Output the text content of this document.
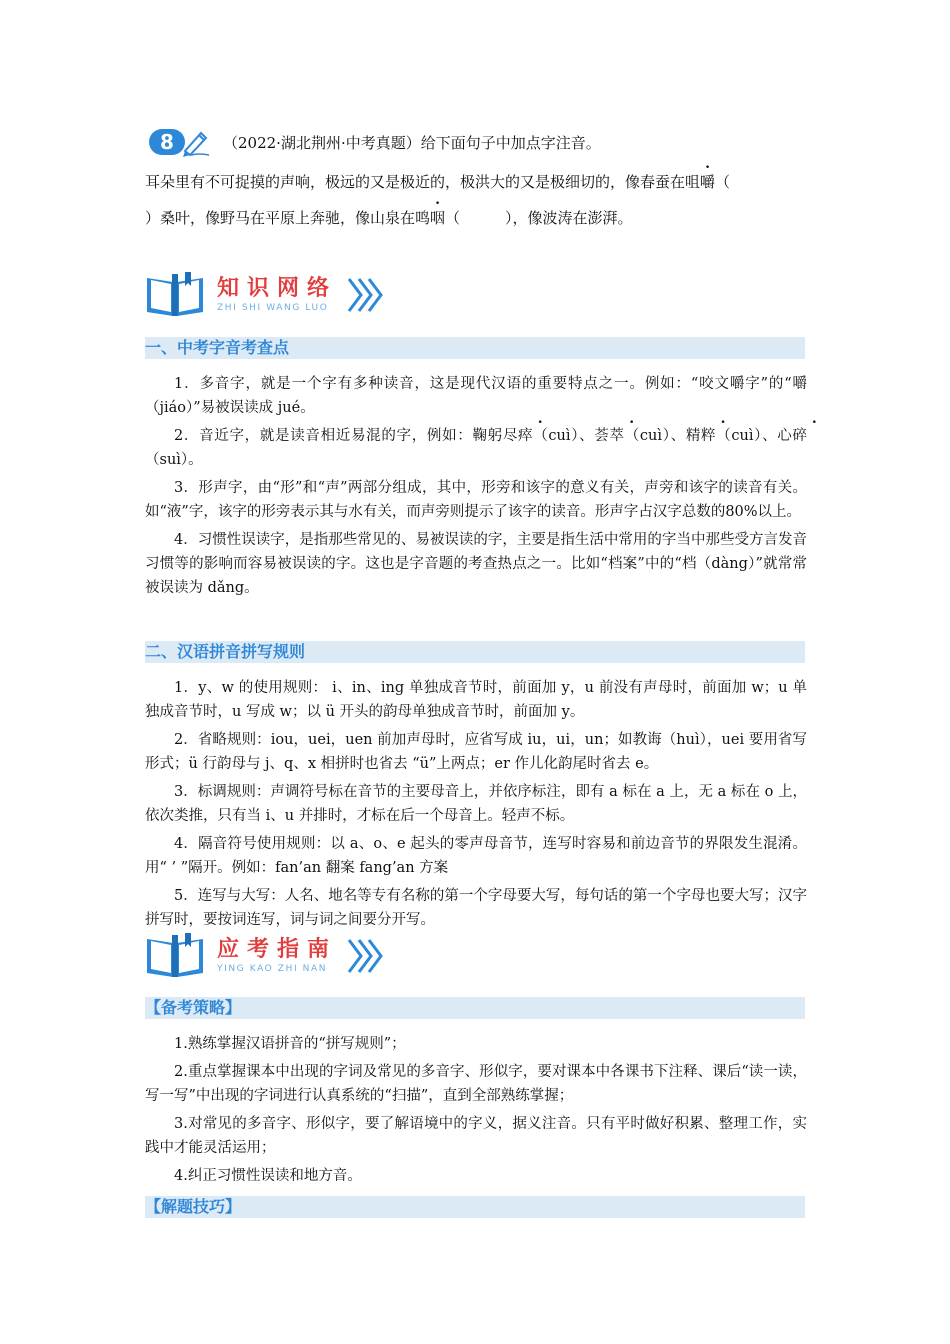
8	（2022·湖北荆州·中考真题）给下面句子中加点字注音。
耳朵里有不可捉摸的声响，极远的又是极近的，极洪大的又是极细切的，像春蚕在咀嚼（
）桑叶，像野马在平原上奔驰，像山泉在鸣咽（　　　），像波涛在澎湃。
知识网络
ZHI SHI WANG LUO
一、中考字音考查点

1．多音字，就是一个字有多种读音，这是现代汉语的重要特点之一。例如：“咬文嚼字”的“嚼（jiáo）”易被误读成 jué。

2．音近字，就是读音相近易混的字，例如：鞠躬尽瘁（cuì）、荟萃（cuì）、精粹（cuì）、心碎（suì）。

3．形声字，由“形”和“声”两部分组成，其中，形旁和该字的意义有关，声旁和该字的读音有关。如“液”字，该字的形旁表示其与水有关，而声旁则提示了该字的读音。形声字占汉字总数的80%以上。

4．习惯性误读字，是指那些常见的、易被误读的字，主要是指生活中常用的字当中那些受方言发音习惯等的影响而容易被误读的字。这也是字音题的考查热点之一。比如“档案”中的“档（dàng）”就常常被误读为 dǎng。

二、汉语拼音拼写规则

1．y、w 的使用规则： i、in、ing 单独成音节时，前面加 y，u 前没有声母时，前面加 w；u 单独成音节时，u 写成 w；以 ü 开头的韵母单独成音节时，前面加 y。

2．省略规则：iou，uei，uen 前加声母时，应省写成 iu，ui，un；如教诲（huì），uei 要用省写形式；ü 行韵母与 j、q、x 相拼时也省去 “ü”上两点；er 作儿化韵尾时省去 e。

3．标调规则：声调符号标在音节的主要母音上，并依序标注，即有 a 标在 a 上，无 a 标在 o 上，依次类推，只有当 i、u 并排时，才标在后一个母音上。轻声不标。

4．隔音符号使用规则：以 a、o、e 起头的零声母音节，连写时容易和前边音节的界限发生混淆。用“ ’ ”隔开。例如：fan’an 翻案 fang’an 方案

5．连写与大写：人名、地名等专有名称的第一个字母要大写，每句话的第一个字母也要大写；汉字拼写时，要按词连写，词与词之间要分开写。

应考指南
YING KAO ZHI NAN
【备考策略】

1.熟练掌握汉语拼音的“拼写规则”；

2.重点掌握课本中出现的字词及常见的多音字、形似字，要对课本中各课书下注释、课后“读一读，写一写”中出现的字词进行认真系统的“扫描”，直到全部熟练掌握；

3.对常见的多音字、形似字，要了解语境中的字义，据义注音。只有平时做好积累、整理工作，实践中才能灵活运用；

4.纠正习惯性误读和地方音。

【解题技巧】
